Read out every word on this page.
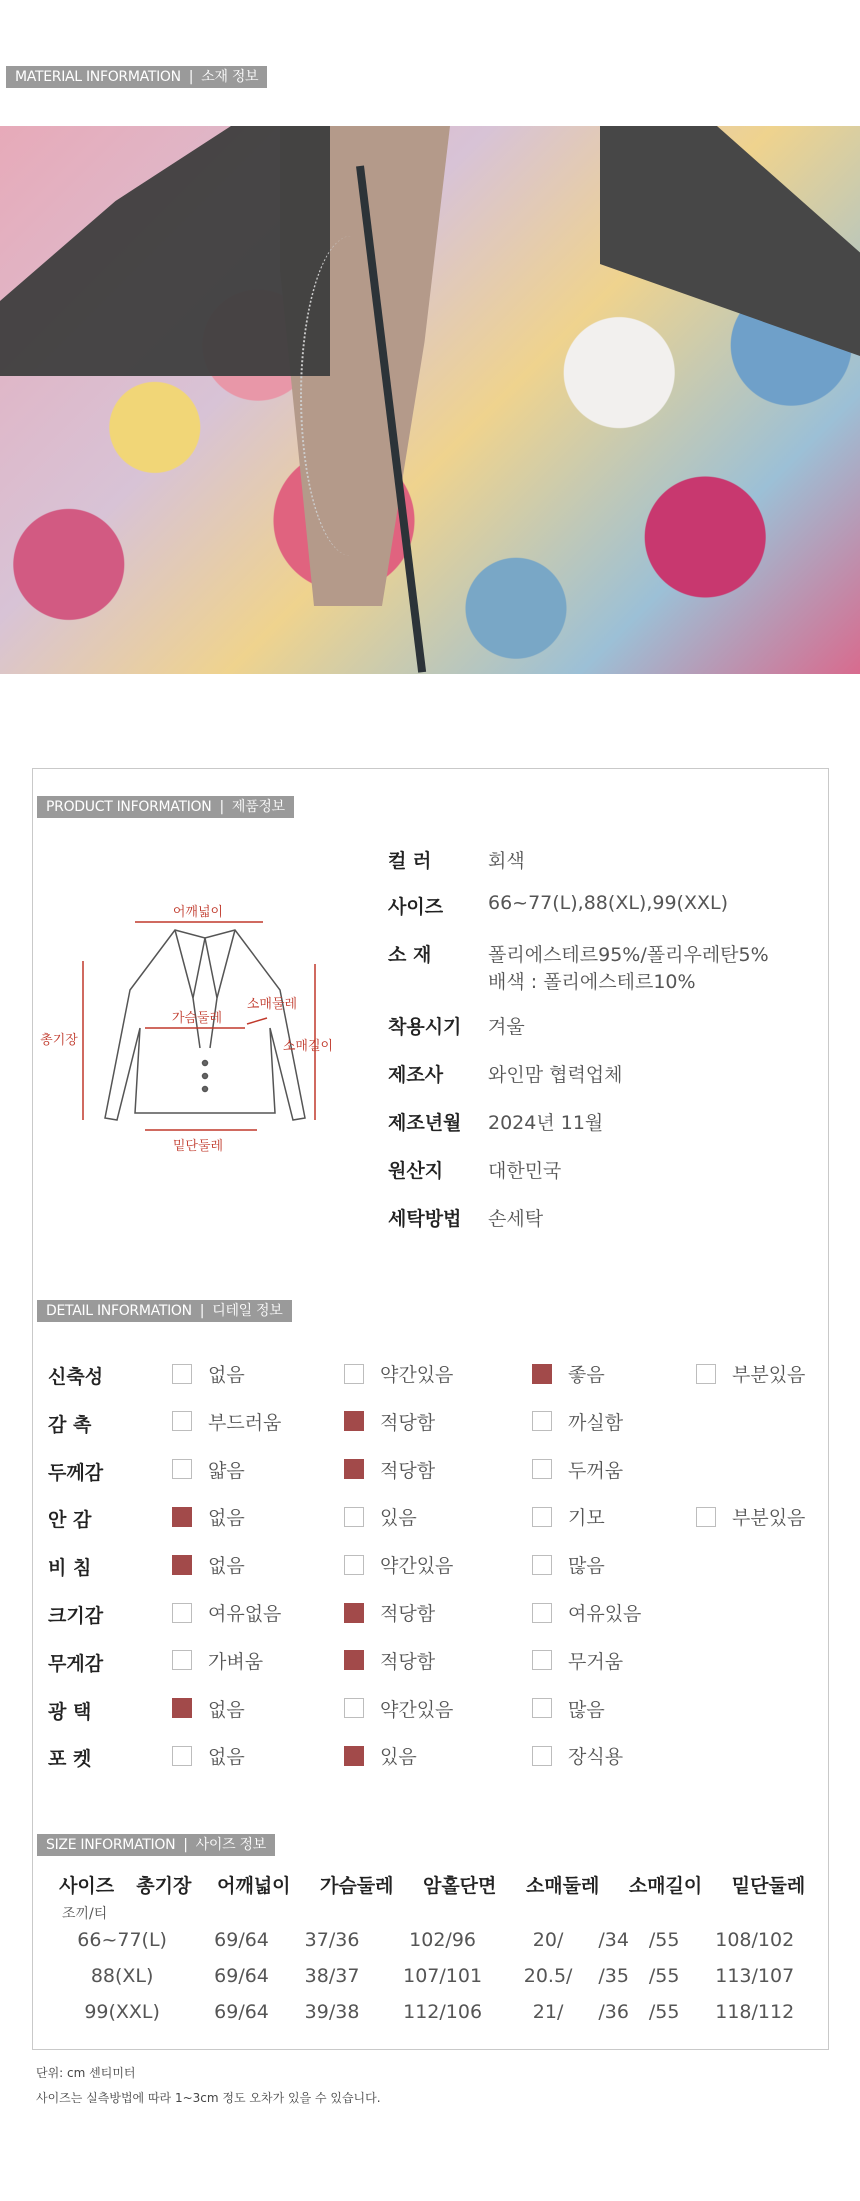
MATERIAL INFORMATION | 소재 정보
PRODUCT INFORMATION | 제품정보
어깨넓이
총기장
가슴둘레
소매둘레
소매길이
밑단둘레
컬 러	회색
사이즈 66~77(L),88(XL),99(XXL)
소 재	폴리에스테르95%/폴리우레탄5%
배색 : 폴리에스테르10%
착용시기 겨울
제조사 와인맘 협력업체
제조년월 2024년 11월
원산지 대한민국
세탁방법 손세탁
DETAIL INFORMATION | 디테일 정보
신축성	없음	약간있음	좋음	부분있음
감 촉	부드러움	적당함	까실함
두께감	얇음	적당함	두꺼움
안 감	없음	있음	기모	부분있음
비 침	없음	약간있음	많음
크기감	여유없음	적당함	여유있음
무게감	가벼움	적당함	무거움
광 택	없음	약간있음	많음
포 켓	없음	있음	장식용
SIZE INFORMATION | 사이즈 정보
사이즈	총기장	어깨넓이	가슴둘레	암홀단면	소매둘레	소매길이	밑단둘레
조끼/티
66~77(L)	69/64	37/36	102/96	20/	/34	/55	108/102
88(XL)	69/64	38/37	107/101	20.5/	/35	/55	113/107
99(XXL)	69/64	39/38	112/106	21/	/36	/55	118/112
단위: cm 센티미터
사이즈는 실측방법에 따라 1~3cm 정도 오차가 있을 수 있습니다.
